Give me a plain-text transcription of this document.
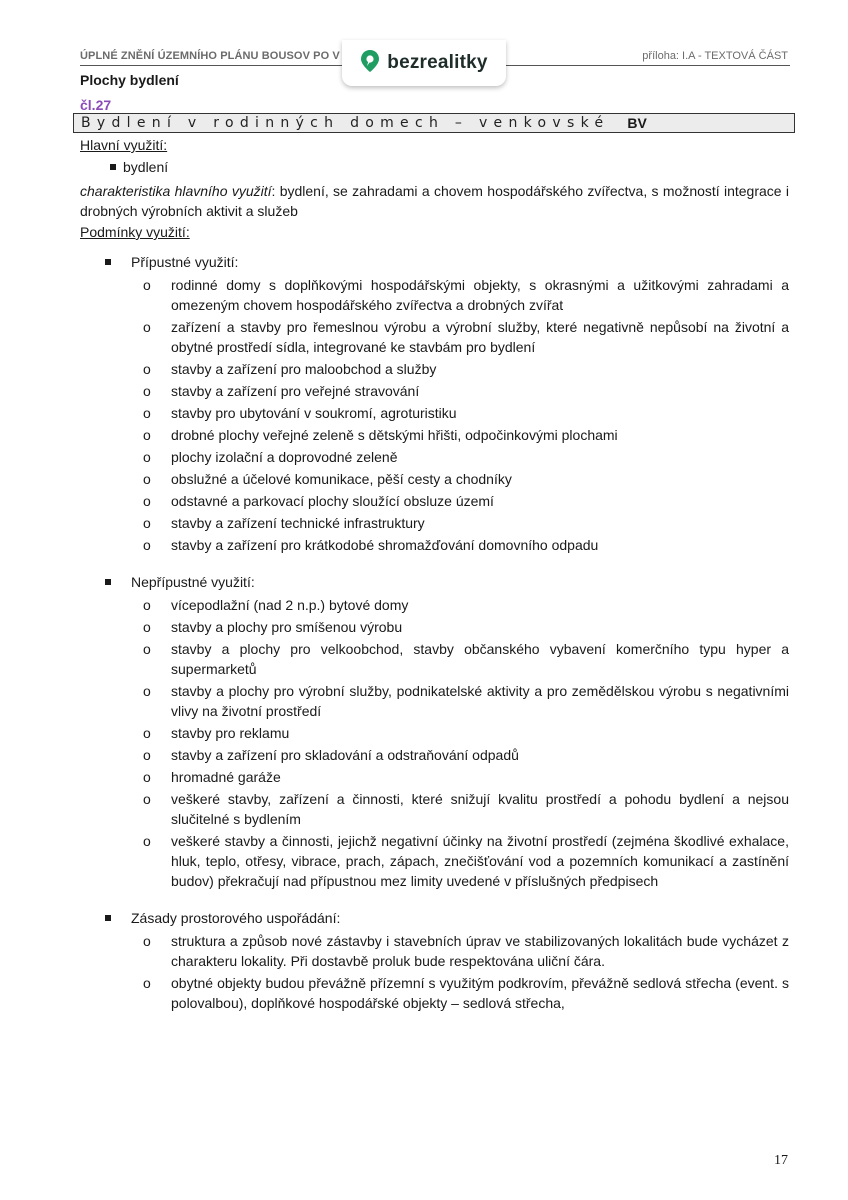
ÚPLNÉ ZNĚNÍ ÚZEMNÍHO PLÁNU BOUSOV PO V	příloha: I.A - TEXTOVÁ ČÁST
bezrealitky
Plochy bydlení
čl.27
Bydlení v rodinných domech – venkovské BV
Hlavní využití:
bydlení
charakteristika hlavního využití: bydlení, se zahradami a chovem hospodářského zvířectva, s možností integrace i drobných výrobních aktivit a služeb
Podmínky využití:
Přípustné využití:
o rodinné domy s doplňkovými hospodářskými objekty, s okrasnými a užitkovými zahradami a omezeným chovem hospodářského zvířectva a drobných zvířat
o zařízení a stavby pro řemeslnou výrobu a výrobní služby, které negativně nepůsobí na životní a obytné prostředí sídla, integrované ke stavbám pro bydlení
o stavby a zařízení pro maloobchod a služby
o stavby a zařízení pro veřejné stravování
o stavby pro ubytování v soukromí, agroturistiku
o drobné plochy veřejné zeleně s dětskými hřišti, odpočinkovými plochami
o plochy izolační a doprovodné zeleně
o obslužné a účelové komunikace, pěší cesty a chodníky
o odstavné a parkovací plochy sloužící obsluze území
o stavby a zařízení technické infrastruktury
o stavby a zařízení pro krátkodobé shromažďování domovního odpadu
Nepřípustné využití:
o vícepodlažní (nad 2 n.p.) bytové domy
o stavby a plochy pro smíšenou výrobu
o stavby a plochy pro velkoobchod, stavby občanského vybavení komerčního typu hyper a supermarketů
o stavby a plochy pro výrobní služby, podnikatelské aktivity a pro zemědělskou výrobu s negativními vlivy na životní prostředí
o stavby pro reklamu
o stavby a zařízení pro skladování a odstraňování odpadů
o hromadné garáže
o veškeré stavby, zařízení a činnosti, které snižují kvalitu prostředí a pohodu bydlení a nejsou slučitelné s bydlením
o veškeré stavby a činnosti, jejichž negativní účinky na životní prostředí (zejména škodlivé exhalace, hluk, teplo, otřesy, vibrace, prach, zápach, znečišťování vod a pozemních komunikací a zastínění budov) překračují nad přípustnou mez limity uvedené v příslušných předpisech
Zásady prostorového uspořádání:
o struktura a způsob nové zástavby i stavebních úprav ve stabilizovaných lokalitách bude vycházet z charakteru lokality. Při dostavbě proluk bude respektována uliční čára.
o obytné objekty budou převážně přízemní s využitým podkrovím, převážně sedlová střecha (event. s polovalbou), doplňkové hospodářské objekty – sedlová střecha,
17
